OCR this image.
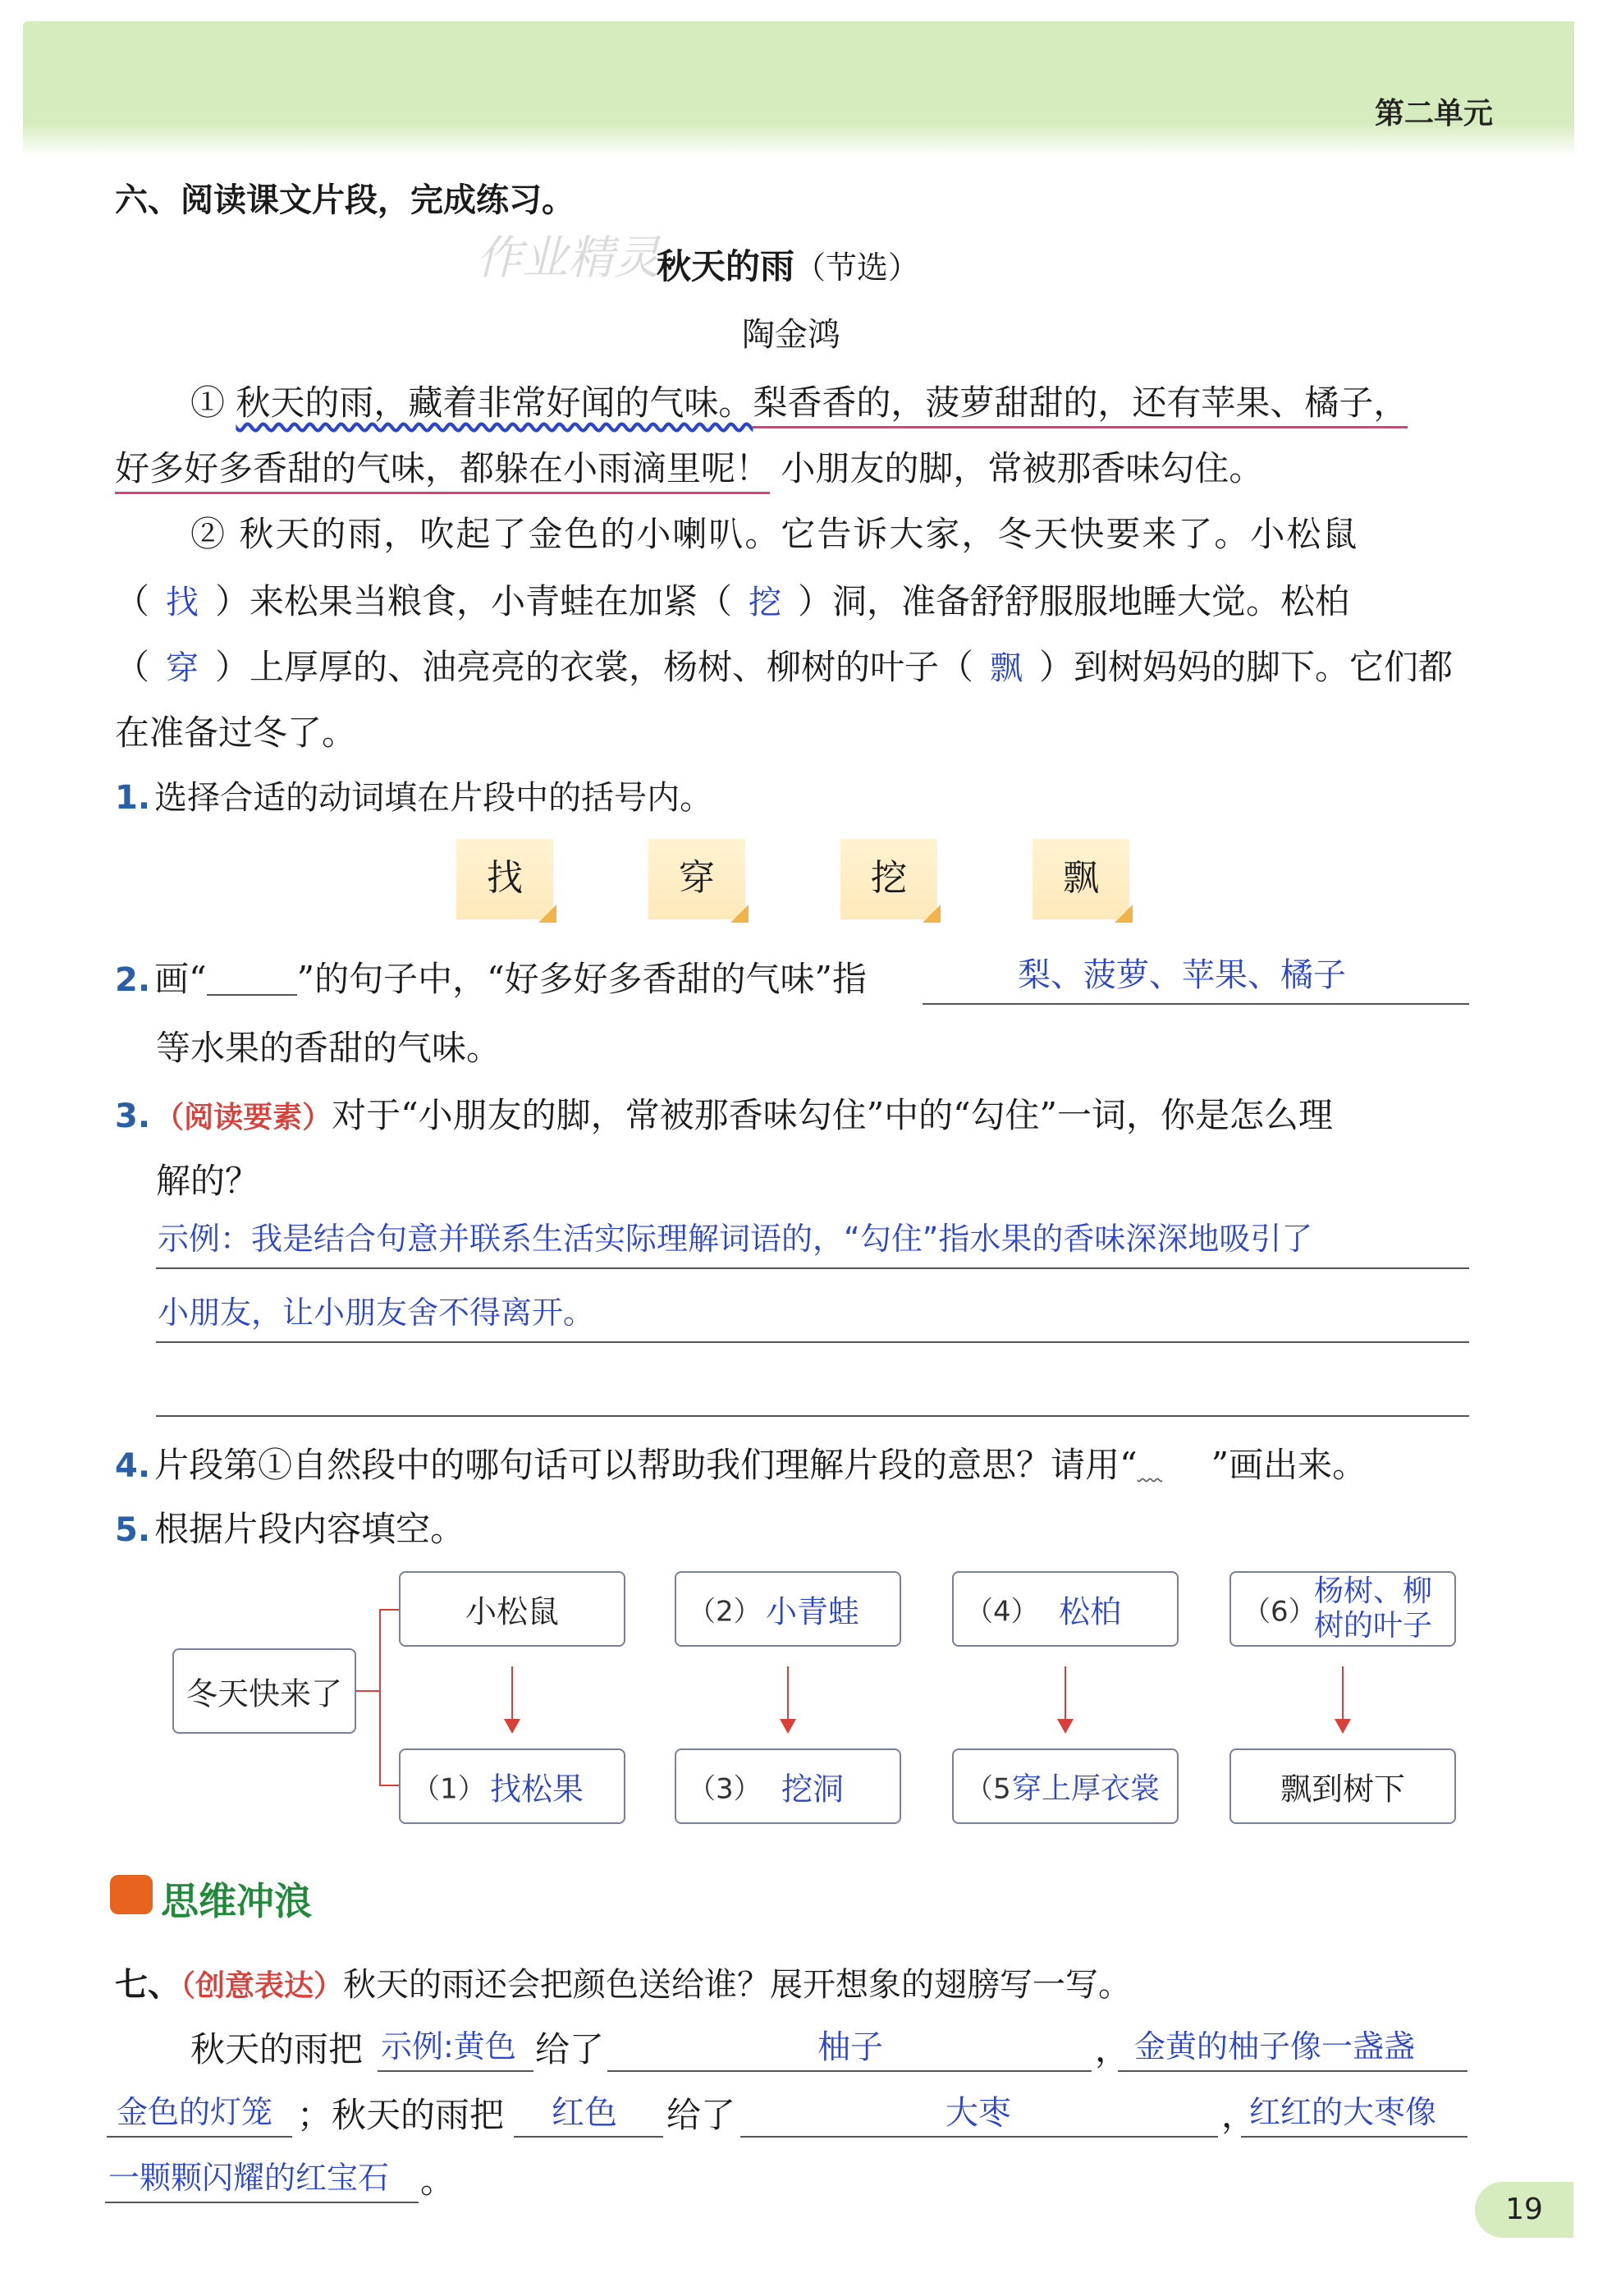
第二单元
六、阅读课文片段，完成练习。
作业精灵
秋天的雨（节选）
陶金鸿
① 秋天的雨，藏着非常好闻的气味。梨香香的，菠萝甜甜的，还有苹果、橘子，
好多好多香甜的气味，都躲在小雨滴里呢！ 小朋友的脚，常被那香味勾住。
② 秋天的雨，吹起了金色的小喇叭。它告诉大家，冬天快要来了。小松鼠
（ 找 ）来松果当粮食，小青蛙在加紧（ 挖 ）洞，准备舒舒服服地睡大觉。松柏
（ 穿 ）上厚厚的、油亮亮的衣裳，杨树、柳树的叶子（ 飘 ）到树妈妈的脚下。它们都
在准备过冬了。
1. 选择合适的动词填在片段中的括号内。
找	穿	挖	飘
2. 画“	”的句子中，“好多好多香甜的气味”指	梨、菠萝、苹果、橘子
等水果的香甜的气味。
3. （阅读要素）对于“小朋友的脚，常被那香味勾住”中的“勾住”一词，你是怎么理
解的？
示例：我是结合句意并联系生活实际理解词语的，“勾住”指水果的香味深深地吸引了
小朋友，让小朋友舍不得离开。
4. 片段第①自然段中的哪句话可以帮助我们理解片段的意思？请用“ ”画出来。
5. 根据片段内容填空。
冬天快来了
小松鼠	（2） 小青蛙	（4） 松柏	（6）
杨树、柳
树的叶子
（1） 找松果	（3） 挖洞	（5 穿上厚衣裳	飘到树下
思维冲浪
七、（创意表达）秋天的雨还会把颜色送给谁？展开想象的翅膀写一写。
秋天的雨把 示例:黄色 给了	柚子	， 金黄的柚子像一盏盏
金色的灯笼 ；秋天的雨把 红色 给了	大枣	，
红红的大枣像
一颗颗闪耀的红宝石 。
19
